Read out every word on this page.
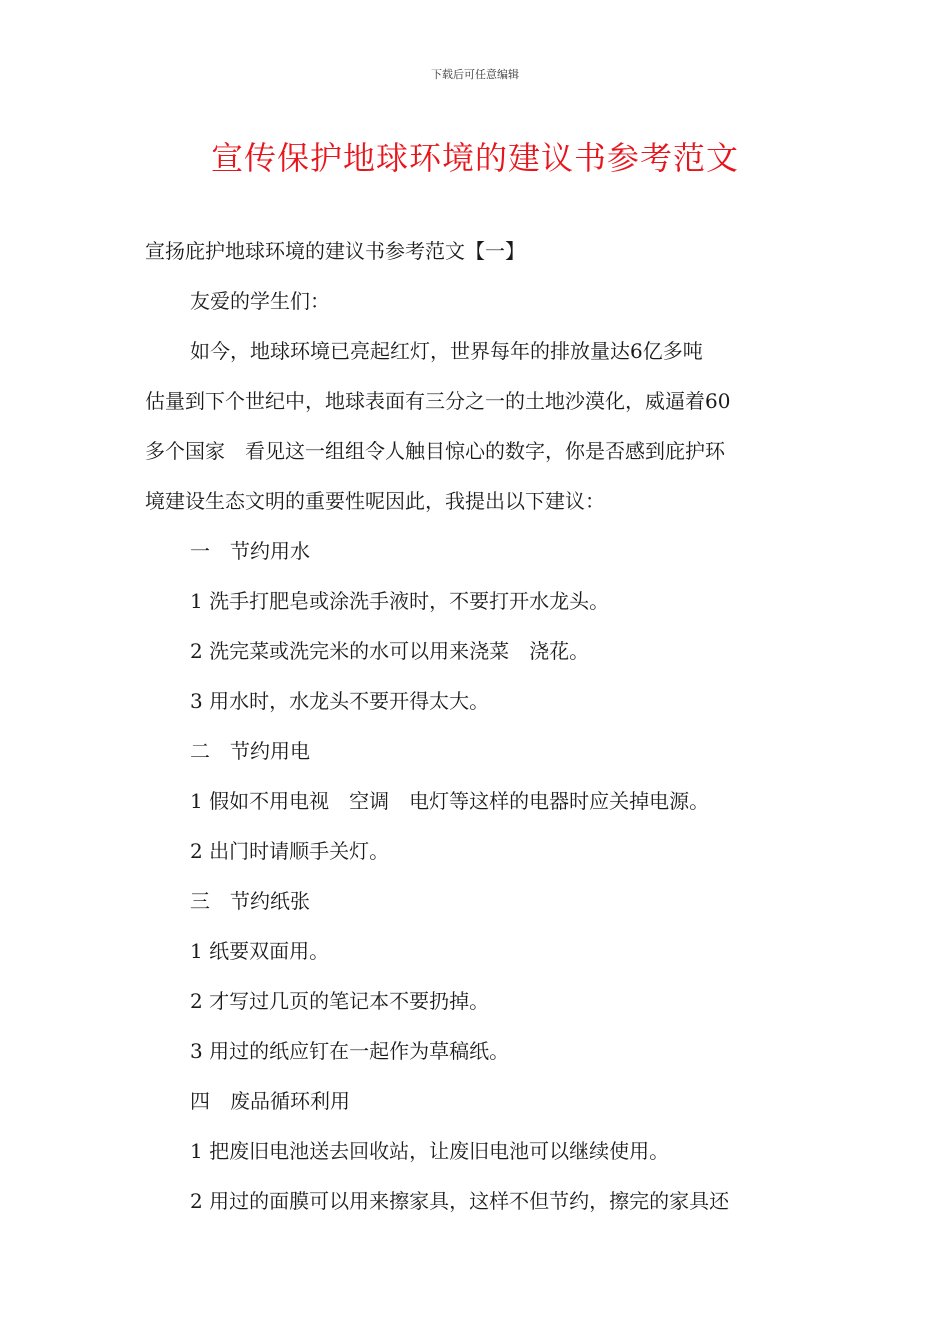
下载后可任意编辑
宣传保护地球环境的建议书参考范文
宣扬庇护地球环境的建议书参考范文【一】
友爱的学生们：
如今，地球环境已亮起红灯，世界每年的排放量达6亿多吨
估量到下个世纪中，地球表面有三分之一的土地沙漠化，威逼着60
多个国家　看见这一组组令人触目惊心的数字，你是否感到庇护环
境建设生态文明的重要性呢因此，我提出以下建议：
一　节约用水
1 洗手打肥皂或涂洗手液时，不要打开水龙头。
2 洗完菜或洗完米的水可以用来浇菜　浇花。
3 用水时，水龙头不要开得太大。
二　节约用电
1 假如不用电视　空调　电灯等这样的电器时应关掉电源。
2 出门时请顺手关灯。
三　节约纸张
1 纸要双面用。
2 才写过几页的笔记本不要扔掉。
3 用过的纸应钉在一起作为草稿纸。
四　废品循环利用
1 把废旧电池送去回收站，让废旧电池可以继续使用。
2 用过的面膜可以用来擦家具，这样不但节约，擦完的家具还
